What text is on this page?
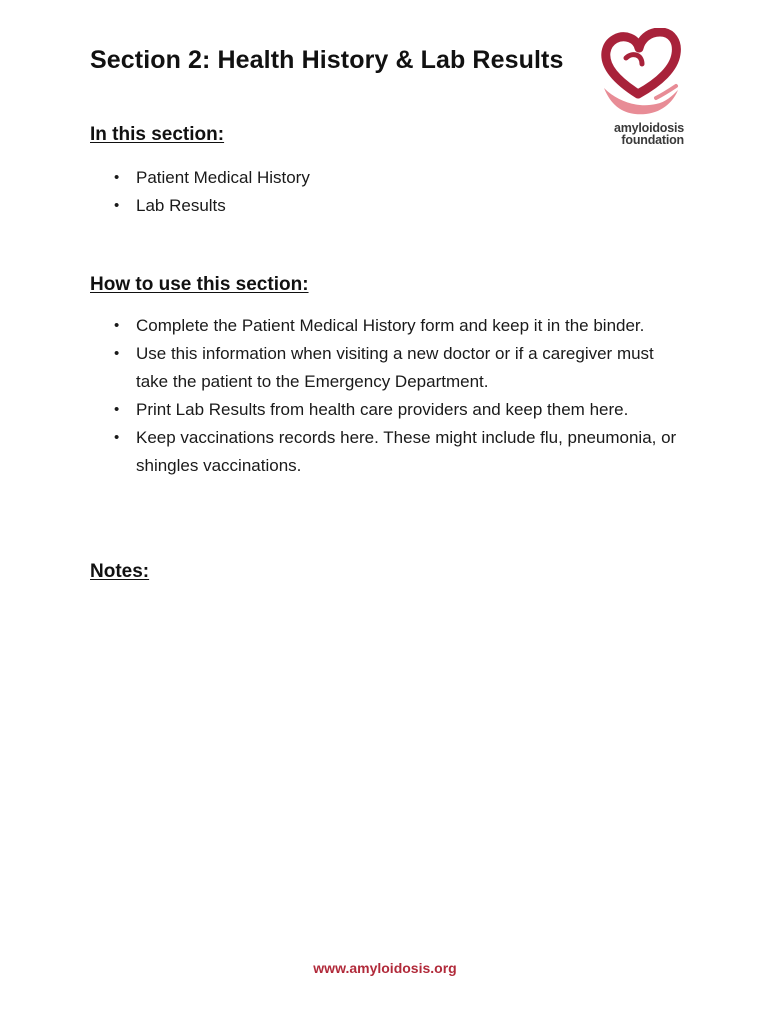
Section 2: Health History & Lab Results
amyloidosis
foundation
In this section:
• Patient Medical History
• Lab Results
How to use this section:
• Complete the Patient Medical History form and keep it in the binder.
• Use this information when visiting a new doctor or if a caregiver must take the patient to the Emergency Department.
• Print Lab Results from health care providers and keep them here.
• Keep vaccinations records here. These might include flu, pneumonia, or shingles vaccinations.
Notes:
www.amyloidosis.org
